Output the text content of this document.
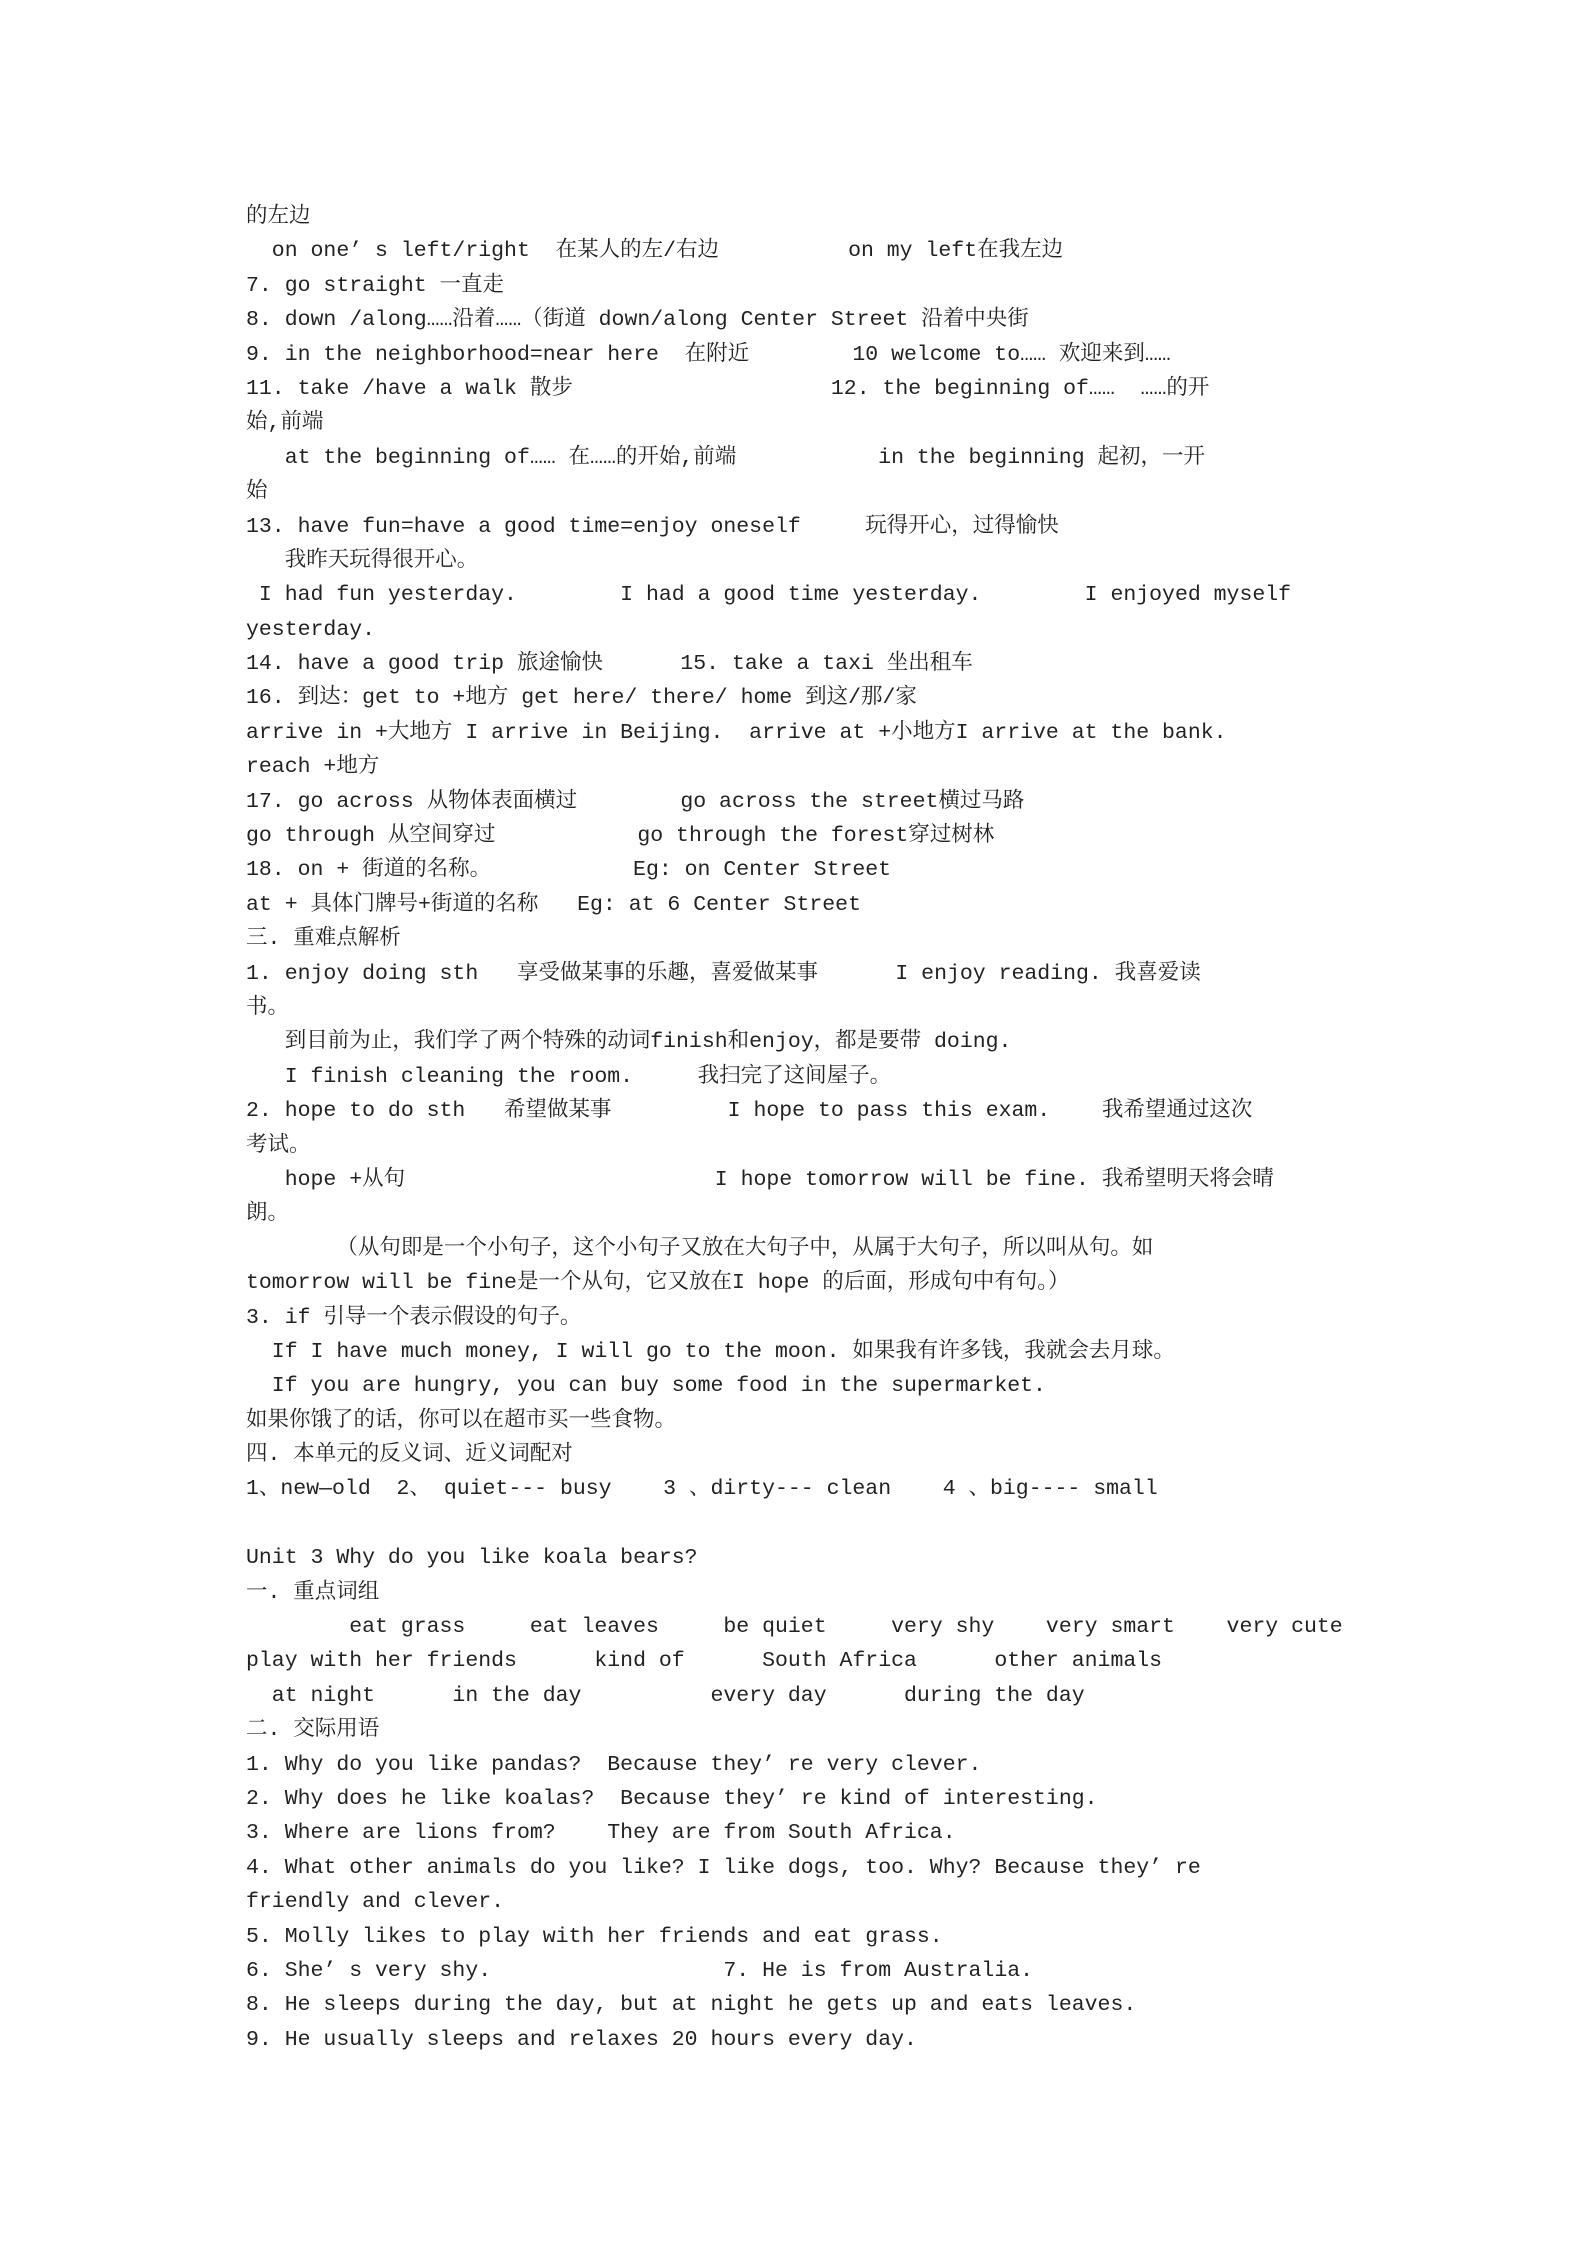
的左边
on one’ s left/right  在某人的左/右边          on my left在我左边
7. go straight 一直走
8. down /along……沿着……（街道 down/along Center Street 沿着中央街
9. in the neighborhood=near here  在附近        10 welcome to…… 欢迎来到……
11. take /have a walk 散步                    12. the beginning of……  ……的开
始,前端
at the beginning of…… 在……的开始,前端           in the beginning 起初，一开
始
13. have fun=have a good time=enjoy oneself     玩得开心，过得愉快
我昨天玩得很开心。
I had fun yesterday.        I had a good time yesterday.        I enjoyed myself
yesterday.
14. have a good trip 旅途愉快      15. take a taxi 坐出租车
16. 到达：get to +地方 get here/ there/ home 到这/那/家
arrive in +大地方 I arrive in Beijing.  arrive at +小地方I arrive at the bank.
reach +地方
17. go across 从物体表面横过        go across the street横过马路
go through 从空间穿过           go through the forest穿过树林
18. on + 街道的名称。           Eg: on Center Street
at + 具体门牌号+街道的名称   Eg: at 6 Center Street
三. 重难点解析
1. enjoy doing sth   享受做某事的乐趣，喜爱做某事      I enjoy reading. 我喜爱读
书。
到目前为止，我们学了两个特殊的动词finish和enjoy，都是要带 doing.
I finish cleaning the room.     我扫完了这间屋子。
2. hope to do sth   希望做某事         I hope to pass this exam.    我希望通过这次
考试。
hope +从句                        I hope tomorrow will be fine. 我希望明天将会晴
朗。
（从句即是一个小句子，这个小句子又放在大句子中，从属于大句子，所以叫从句。如
tomorrow will be fine是一个从句，它又放在I hope 的后面，形成句中有句。）
3. if 引导一个表示假设的句子。
If I have much money, I will go to the moon. 如果我有许多钱，我就会去月球。
If you are hungry, you can buy some food in the supermarket.
如果你饿了的话，你可以在超市买一些食物。
四. 本单元的反义词、近义词配对
1、new—old  2、 quiet--- busy    3 、dirty--- clean    4 、big---- small
Unit 3 Why do you like koala bears?
一. 重点词组
eat grass     eat leaves     be quiet     very shy    very smart    very cute
play with her friends      kind of      South Africa      other animals
at night      in the day          every day      during the day
二. 交际用语
1. Why do you like pandas?  Because they’ re very clever.
2. Why does he like koalas?  Because they’ re kind of interesting.
3. Where are lions from?    They are from South Africa.
4. What other animals do you like? I like dogs, too. Why? Because they’ re
friendly and clever.
5. Molly likes to play with her friends and eat grass.
6. She’ s very shy.                  7. He is from Australia.
8. He sleeps during the day, but at night he gets up and eats leaves.
9. He usually sleeps and relaxes 20 hours every day.
